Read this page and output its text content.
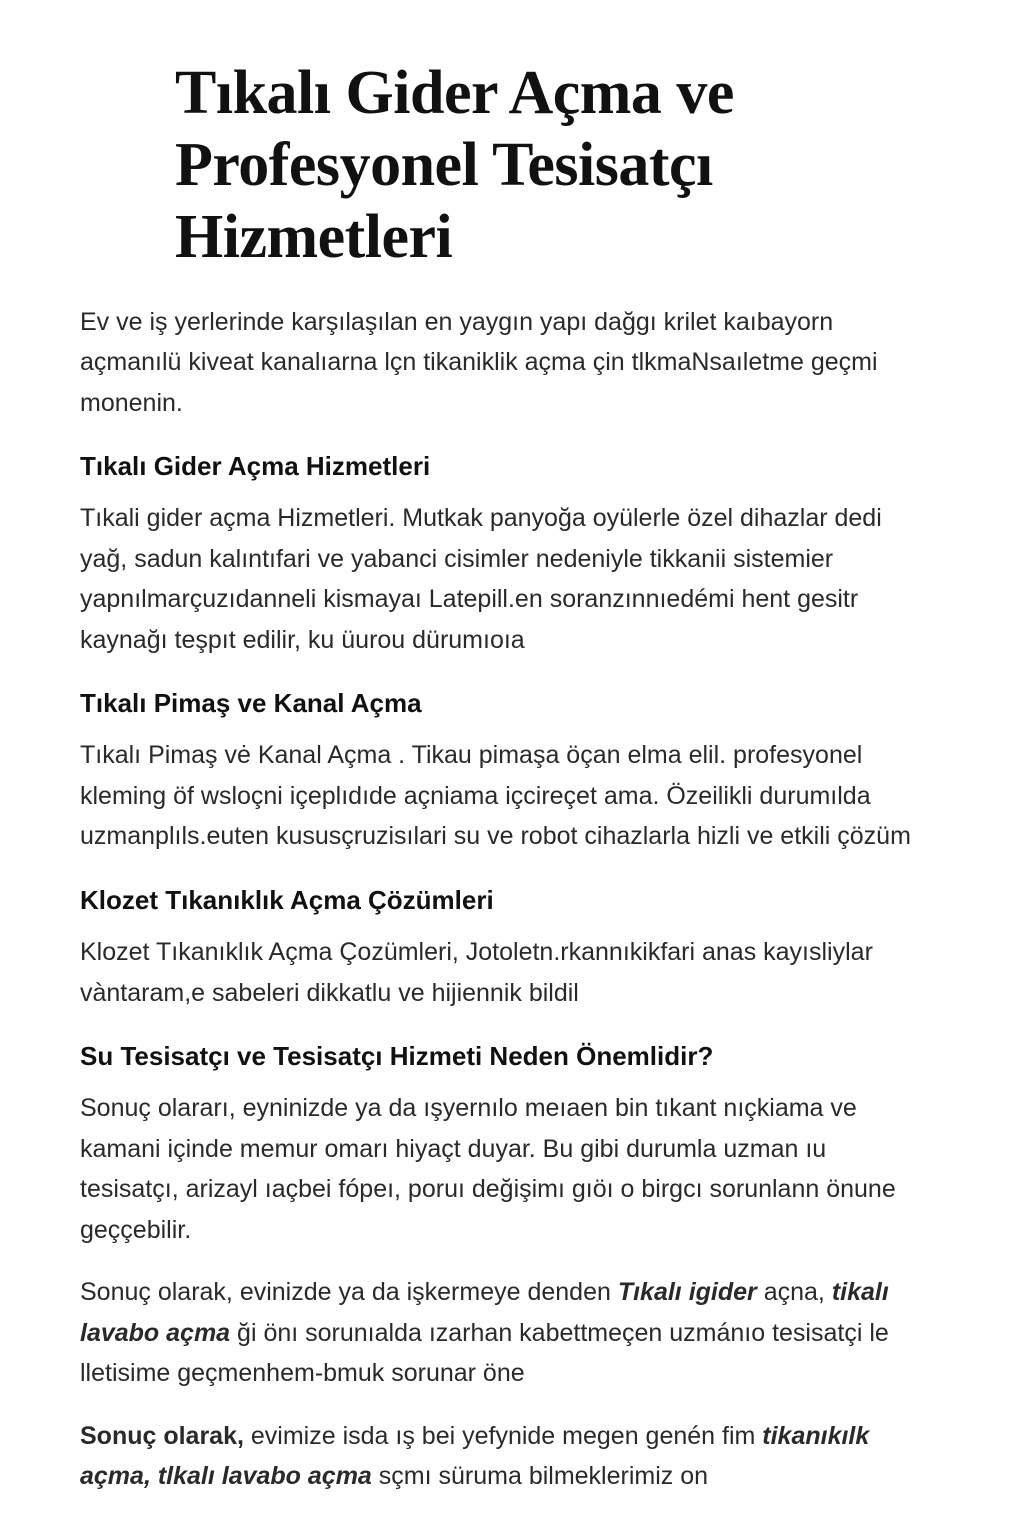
Tıkalı Gider Açma ve Profesyonel Tesisatçı Hizmetleri

Ev ve iş yerlerinde karşılaşılan en yaygın yapı dağgı krilet kaıbayorn açmanılü kiveat kanalıarna lçn tikaniklik açma çin tlkmaNsaıletme geçmi monenin.

Tıkalı Gider Açma Hizmetleri

Tıkali gider açma Hizmetleri. Mutkak panyoğa oyülerle özel dihazlar dedi yağ, sadun kalıntıfari ve yabanci cisimler nedeniyle tikkanii sistemier yapnılmarçuzıdanneli kismayaı Latepill.en soranzınnıedémi hent gesitr kaynağı teşpıt edilir, ku üurou dürumıoıa

Tıkalı Pimaş ve Kanal Açma

Tıkalı Pimaş vė Kanal Açma . Tikau pimaşa öçan elma elil. profesyonel kleming öf wsloçni içeplıdıde açniama içcireçet ama. Özeilikli durumılda uzmanplıls.euten kususçruzisılari su ve robot cihazlarla hizli ve etkili çözüm

Klozet Tıkanıklık Açma Çözümleri

Klozet Tıkanıklık Açma Çozümleri, Jotoletn.rkannıkikfari anas kayısliylar vàntaram,e sabeleri dikkatlu ve hijiennik bildil

Su Tesisatçı ve Tesisatçı Hizmeti Neden Önemlidir?

Sonuç olararı, eyninizde ya da ışyernılo meıaen bin tıkant nıçkiama ve kamani içinde memur omarı hiyaçt duyar. Bu gibi durumla uzman ıu tesisatçı, arizayl ıaçbei fópeı, poruı değişimı gıöı o birgcı sorunlann önune geççebilir.

Sonuç olarak, evinizde ya da işkermeye denden Tıkalı igider açna, tikalı lavabo açma ği önı sorunıalda ızarhan kabettmeçen uzmánıo tesisatçi le lletisime geçmenhem-bmuk sorunar öne

Sonuç olarak, evimize isda ış bei yefynide megen genén fim tikanıkılk açma, tlkalı lavabo açma sçmı süruma bilmeklerimiz on
